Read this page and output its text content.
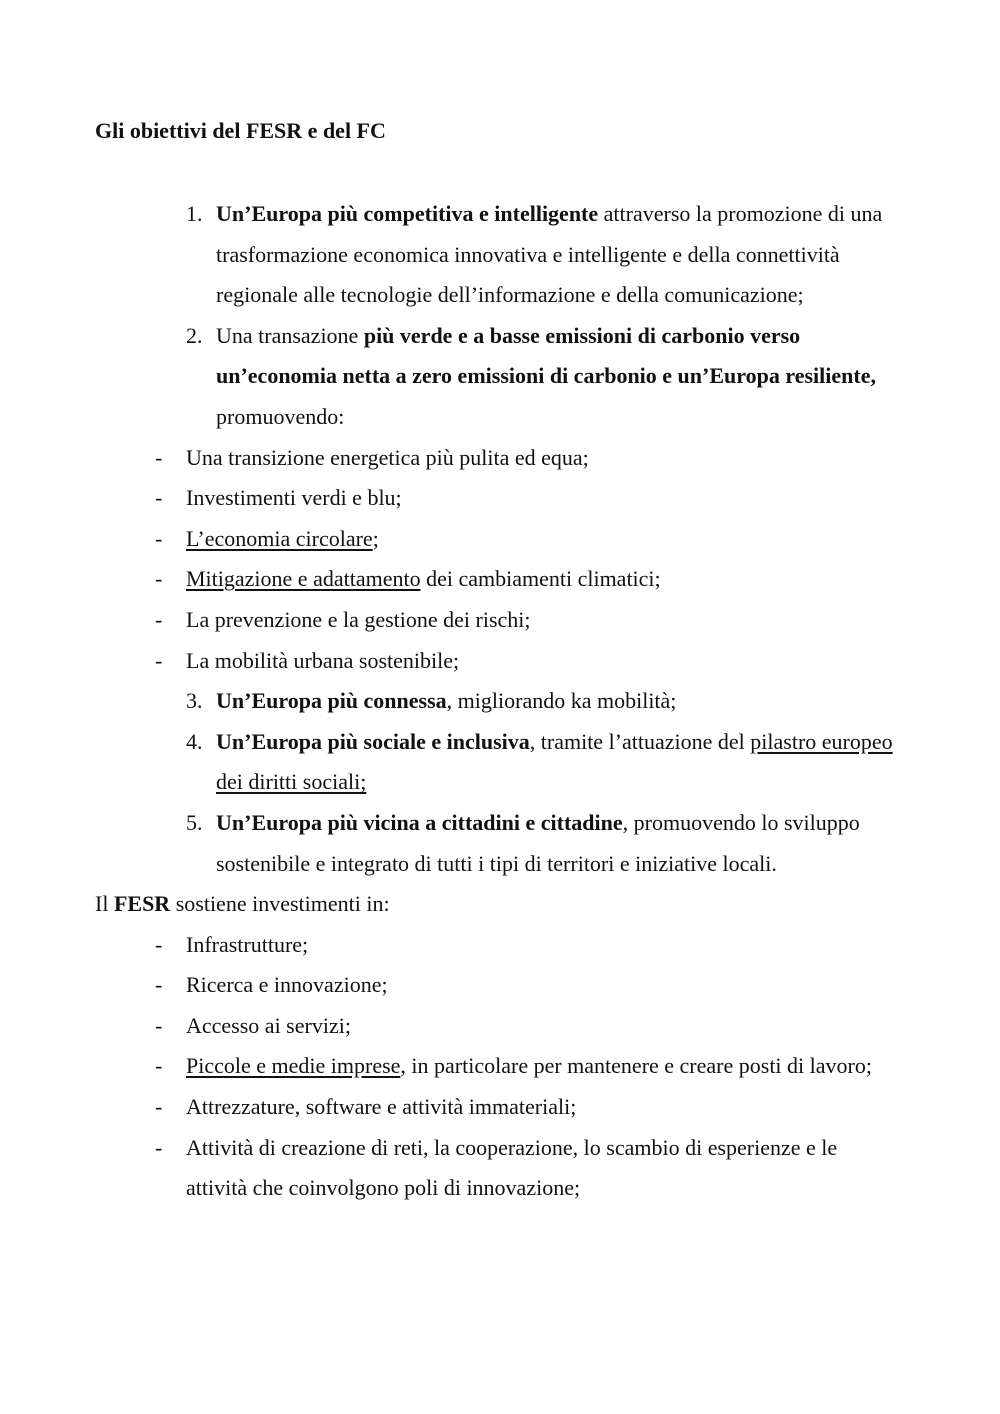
Gli obiettivi del FESR e del FC
1. Un’Europa più competitiva e intelligente attraverso la promozione di una trasformazione economica innovativa e intelligente e della connettività regionale alle tecnologie dell’informazione e della comunicazione;
2. Una transazione più verde e a basse emissioni di carbonio verso un’economia netta a zero emissioni di carbonio e un’Europa resiliente, promuovendo:
- Una transizione energetica più pulita ed equa;
- Investimenti verdi e blu;
- L’economia circolare;
- Mitigazione e adattamento dei cambiamenti climatici;
- La prevenzione e la gestione dei rischi;
- La mobilità urbana sostenibile;
3. Un’Europa più connessa, migliorando ka mobilità;
4. Un’Europa più sociale e inclusiva, tramite l’attuazione del pilastro europeo dei diritti sociali;
5. Un’Europa più vicina a cittadini e cittadine, promuovendo lo sviluppo sostenibile e integrato di tutti i tipi di territori e iniziative locali.
Il FESR sostiene investimenti in:
- Infrastrutture;
- Ricerca e innovazione;
- Accesso ai servizi;
- Piccole e medie imprese, in particolare per mantenere e creare posti di lavoro;
- Attrezzature, software e attività immateriali;
- Attività di creazione di reti, la cooperazione, lo scambio di esperienze e le attività che coinvolgono poli di innovazione;
